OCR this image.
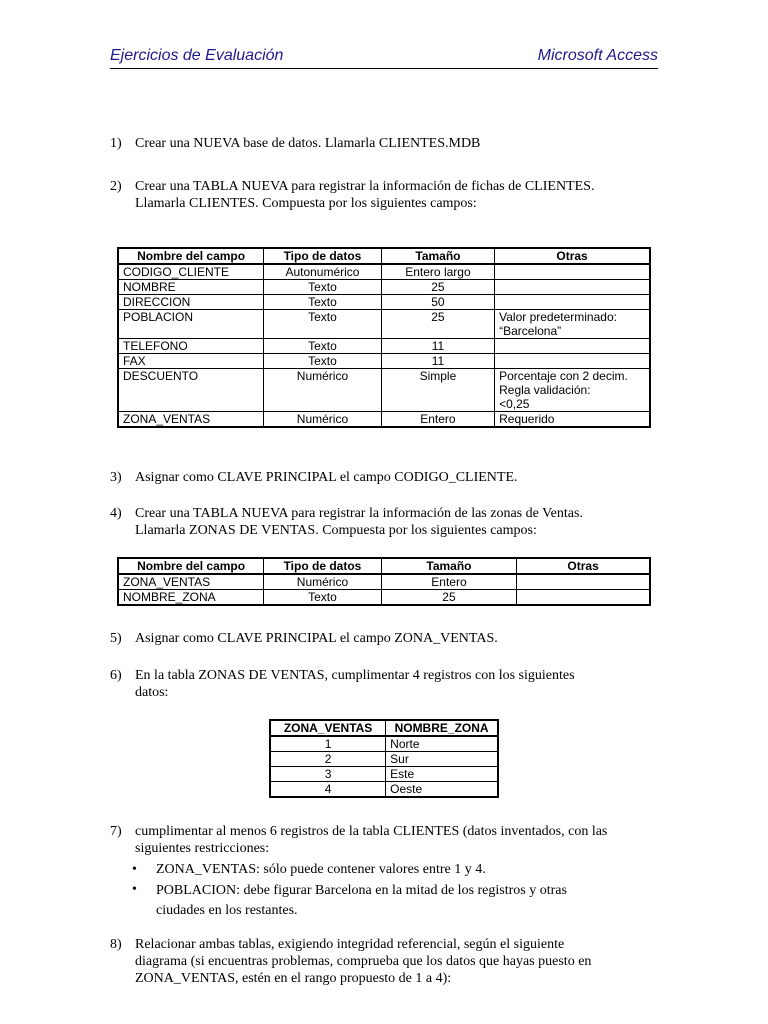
Ejercicios de Evaluación	Microsoft Access
1) Crear una NUEVA base de datos. Llamarla CLIENTES.MDB
2) Crear una TABLA NUEVA para registrar la información de fichas de CLIENTES.
Llamarla CLIENTES. Compuesta por los siguientes campos:
Nombre del campo	Tipo de datos	Tamaño	Otras
CODIGO_CLIENTE	Autonumérico	Entero largo	

NOMBRE	Texto	25	

DIRECCION	Texto	50	

POBLACION	Texto	25	Valor predeterminado:
“Barcelona”

TELEFONO	Texto	11	

FAX	Texto	11	

DESCUENTO	Numérico	Simple	Porcentaje con 2 decim.
Regla validación:
<0,25

ZONA_VENTAS	Numérico	Entero	Requerido
3) Asignar como CLAVE PRINCIPAL el campo CODIGO_CLIENTE.
4) Crear una TABLA NUEVA para registrar la información de las zonas de Ventas.
Llamarla ZONAS DE VENTAS. Compuesta por los siguientes campos:
Nombre del campo	Tipo de datos	Tamaño	Otras
ZONA_VENTAS	Numérico	Entero	
NOMBRE_ZONA	Texto	25	
5) Asignar como CLAVE PRINCIPAL el campo ZONA_VENTAS.
6) En la tabla ZONAS DE VENTAS, cumplimentar 4 registros con los siguientes
datos:
ZONA_VENTAS	NOMBRE_ZONA
1	Norte
2	Sur
3	Este
4	Oeste
7) cumplimentar al menos 6 registros de la tabla CLIENTES (datos inventados, con las
siguientes restricciones:
• ZONA_VENTAS: sólo puede contener valores entre 1 y 4.
• POBLACION: debe figurar Barcelona en la mitad de los registros y otras
ciudades en los restantes.
8) Relacionar ambas tablas, exigiendo integridad referencial, según el siguiente
diagrama (si encuentras problemas, comprueba que los datos que hayas puesto en
ZONA_VENTAS, estén en el rango propuesto de 1 a 4):
